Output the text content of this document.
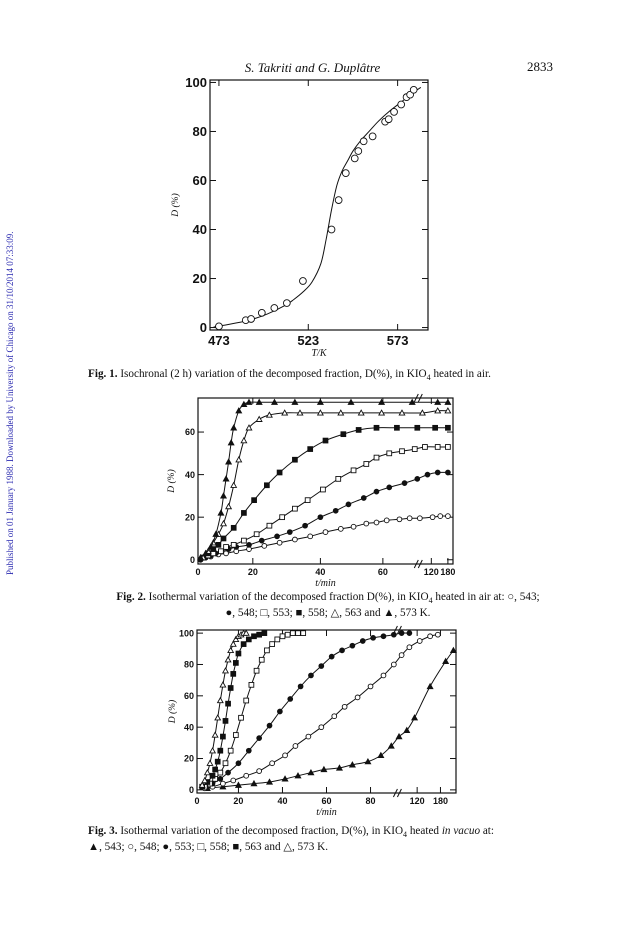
S. Takriti and G. Duplâtre	2833
Published on 01 January 1988. Downloaded by University of Chicago on 31/10/2014 07:33:09.	0
20
40
60
80
100
473	523	573
T/K
D (%)
0
20
40
60
0	20	40	60	120 180
t/min
D (%)
0
20
40
60
80
100
0	20	40	60	80	120 180
t/min
D (%)
Fig. 1. Isochronal (2 h) variation of the decomposed fraction, D(%), in $KIO_4$ heated in air.
Fig. 2. Isothermal variation of the decomposed fraction D(%), in $KIO_4$ heated in air at: ○, 543;
●, 548; □, 553; ■, 558; △, 563 and ▲, 573 K.
Fig. 3. Isothermal variation of the decomposed fraction, D(%), in $KIO_4$ heated in vacuo at:
▲, 543; ○, 548; ●, 553; □, 558; ■, 563 and △, 573 K.
